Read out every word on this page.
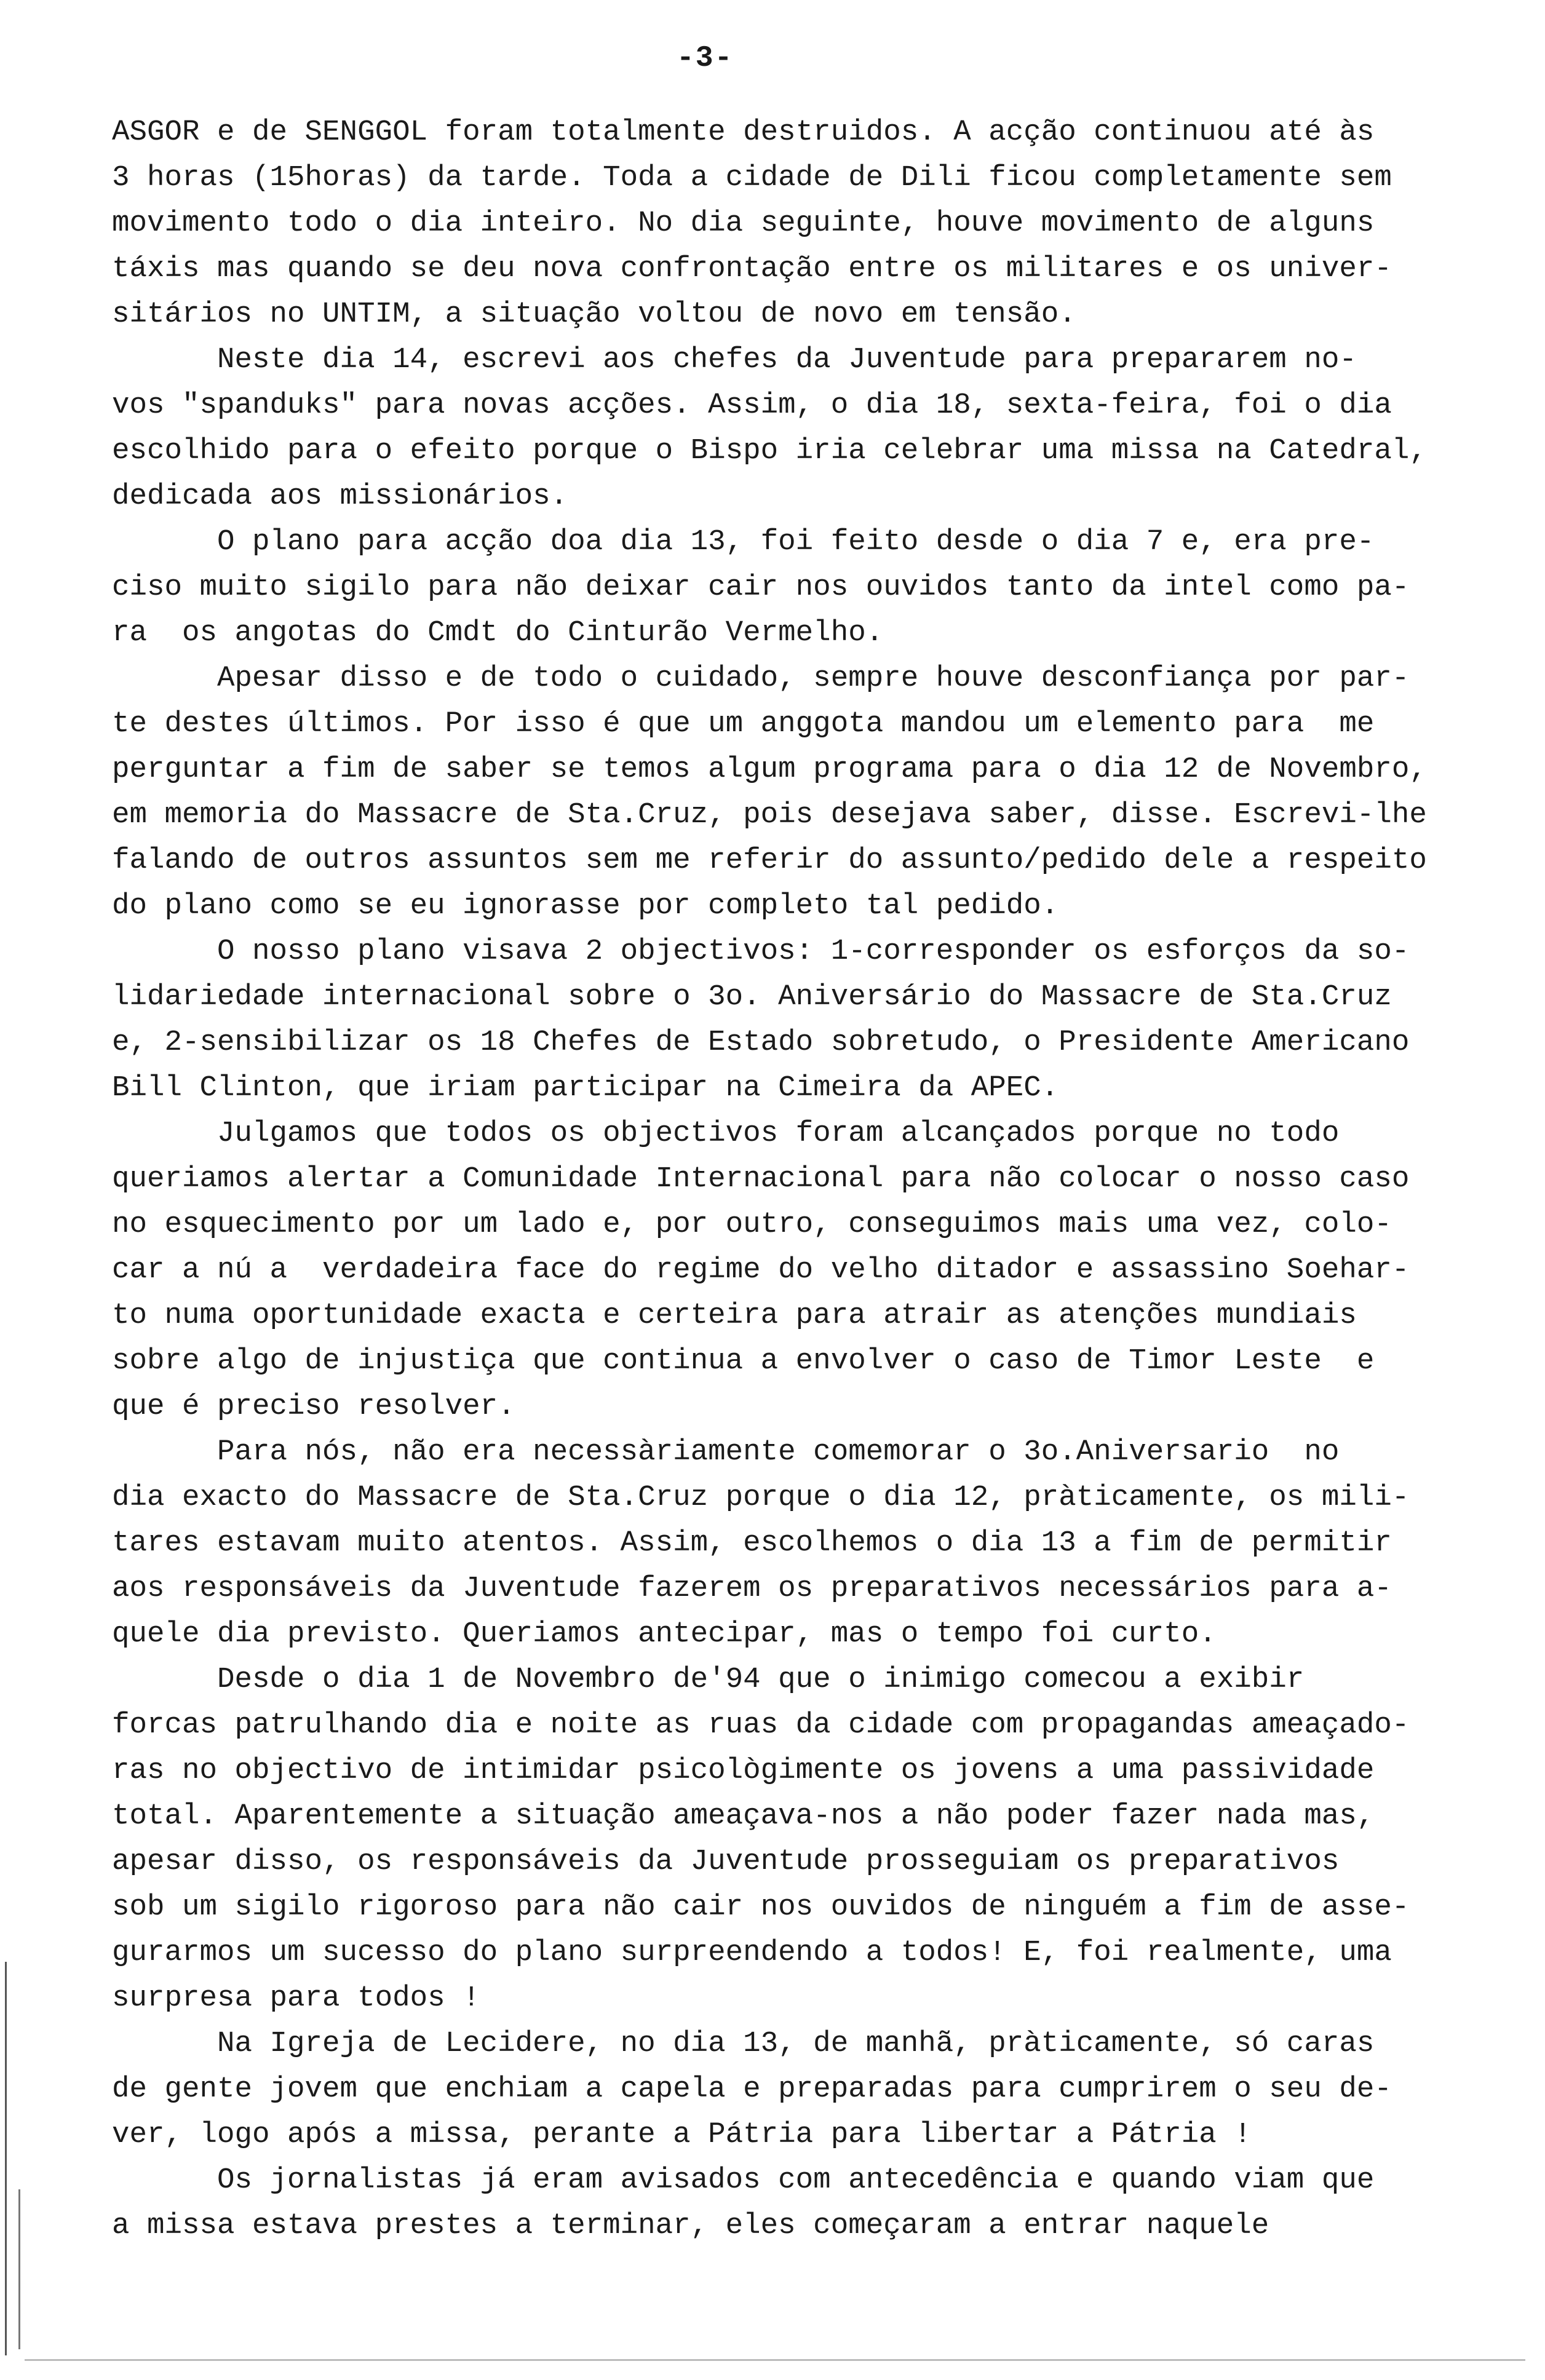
-3-
ASGOR e de SENGGOL foram totalmente destruidos. A acção continuou até às
3 horas (15horas) da tarde. Toda a cidade de Dili ficou completamente sem
movimento todo o dia inteiro. No dia seguinte, houve movimento de alguns
táxis mas quando se deu nova confrontação entre os militares e os univer-
sitários no UNTIM, a situação voltou de novo em tensão.
Neste dia 14, escrevi aos chefes da Juventude para prepararem no-
vos "spanduks" para novas acções. Assim, o dia 18, sexta-feira, foi o dia
escolhido para o efeito porque o Bispo iria celebrar uma missa na Catedral,
dedicada aos missionários.
O plano para acção doa dia 13, foi feito desde o dia 7 e, era pre-
ciso muito sigilo para não deixar cair nos ouvidos tanto da intel como pa-
ra  os angotas do Cmdt do Cinturão Vermelho.
Apesar disso e de todo o cuidado, sempre houve desconfiança por par-
te destes últimos. Por isso é que um anggota mandou um elemento para  me
perguntar a fim de saber se temos algum programa para o dia 12 de Novembro,
em memoria do Massacre de Sta.Cruz, pois desejava saber, disse. Escrevi-lhe
falando de outros assuntos sem me referir do assunto/pedido dele a respeito
do plano como se eu ignorasse por completo tal pedido.
O nosso plano visava 2 objectivos: 1-corresponder os esforços da so-
lidariedade internacional sobre o 3o. Aniversário do Massacre de Sta.Cruz
e, 2-sensibilizar os 18 Chefes de Estado sobretudo, o Presidente Americano
Bill Clinton, que iriam participar na Cimeira da APEC.
Julgamos que todos os objectivos foram alcançados porque no todo
queriamos alertar a Comunidade Internacional para não colocar o nosso caso
no esquecimento por um lado e, por outro, conseguimos mais uma vez, colo-
car a nú a  verdadeira face do regime do velho ditador e assassino Soehar-
to numa oportunidade exacta e certeira para atrair as atenções mundiais
sobre algo de injustiça que continua a envolver o caso de Timor Leste  e
que é preciso resolver.
Para nós, não era necessàriamente comemorar o 3o.Aniversario  no
dia exacto do Massacre de Sta.Cruz porque o dia 12, pràticamente, os mili-
tares estavam muito atentos. Assim, escolhemos o dia 13 a fim de permitir
aos responsáveis da Juventude fazerem os preparativos necessários para a-
quele dia previsto. Queriamos antecipar, mas o tempo foi curto.
Desde o dia 1 de Novembro de'94 que o inimigo comecou a exibir
forcas patrulhando dia e noite as ruas da cidade com propagandas ameaçado-
ras no objectivo de intimidar psicològimente os jovens a uma passividade
total. Aparentemente a situação ameaçava-nos a não poder fazer nada mas,
apesar disso, os responsáveis da Juventude prosseguiam os preparativos
sob um sigilo rigoroso para não cair nos ouvidos de ninguém a fim de asse-
gurarmos um sucesso do plano surpreendendo a todos! E, foi realmente, uma
surpresa para todos !
Na Igreja de Lecidere, no dia 13, de manhã, pràticamente, só caras
de gente jovem que enchiam a capela e preparadas para cumprirem o seu de-
ver, logo após a missa, perante a Pátria para libertar a Pátria !
Os jornalistas já eram avisados com antecedência e quando viam que
a missa estava prestes a terminar, eles começaram a entrar naquele
